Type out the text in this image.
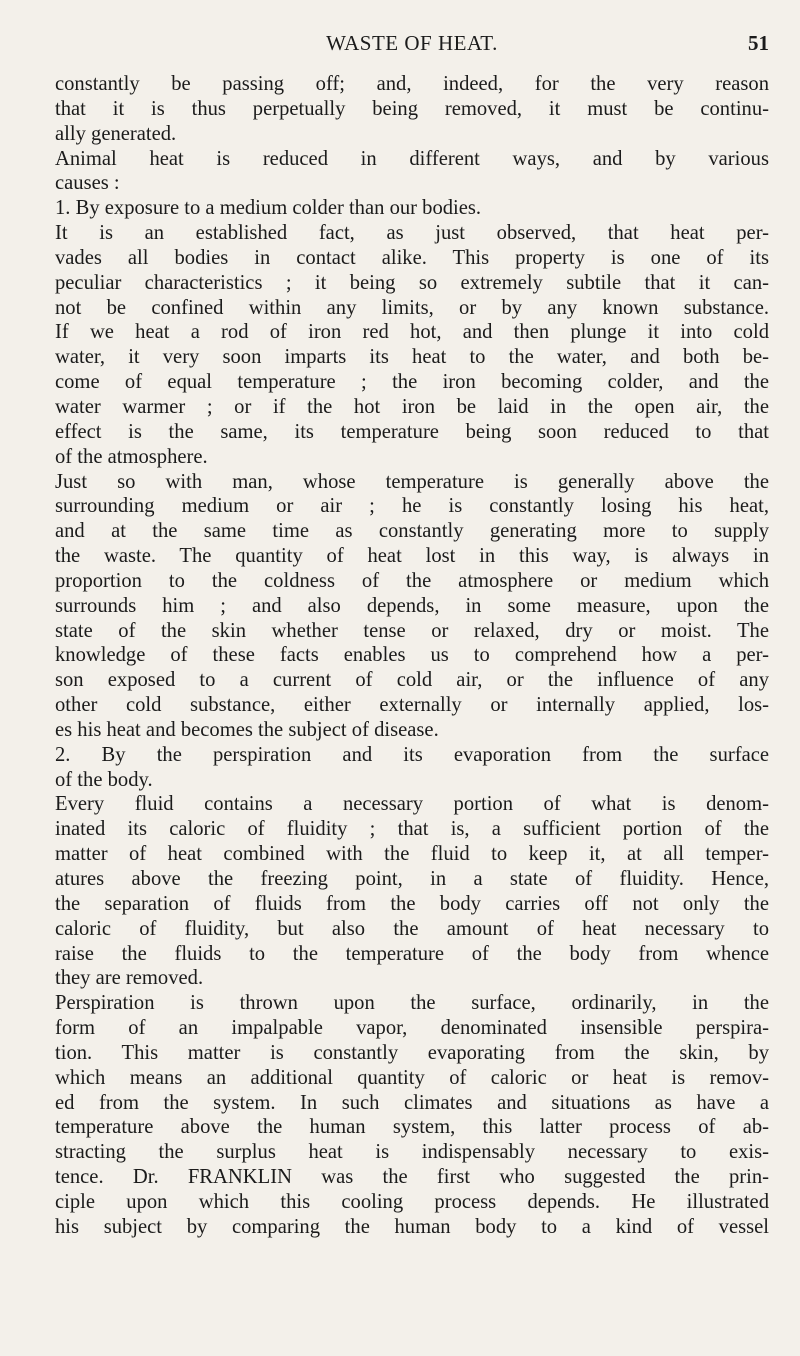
WASTE OF HEAT.	51
constantly be passing off; and, indeed, for the very reason
that it is thus perpetually being removed, it must be continu-
ally generated.
Animal heat is reduced in different ways, and by various
causes :
1. By exposure to a medium colder than our bodies.
It is an established fact, as just observed, that heat per-
vades all bodies in contact alike. This property is one of its
peculiar characteristics ; it being so extremely subtile that it can-
not be confined within any limits, or by any known substance.
If we heat a rod of iron red hot, and then plunge it into cold
water, it very soon imparts its heat to the water, and both be-
come of equal temperature ; the iron becoming colder, and the
water warmer ; or if the hot iron be laid in the open air, the
effect is the same, its temperature being soon reduced to that
of the atmosphere.
Just so with man, whose temperature is generally above the
surrounding medium or air ; he is constantly losing his heat,
and at the same time as constantly generating more to supply
the waste. The quantity of heat lost in this way, is always in
proportion to the coldness of the atmosphere or medium which
surrounds him ; and also depends, in some measure, upon the
state of the skin whether tense or relaxed, dry or moist. The
knowledge of these facts enables us to comprehend how a per-
son exposed to a current of cold air, or the influence of any
other cold substance, either externally or internally applied, los-
es his heat and becomes the subject of disease.
2. By the perspiration and its evaporation from the surface
of the body.
Every fluid contains a necessary portion of what is denom-
inated its caloric of fluidity ; that is, a sufficient portion of the
matter of heat combined with the fluid to keep it, at all temper-
atures above the freezing point, in a state of fluidity. Hence,
the separation of fluids from the body carries off not only the
caloric of fluidity, but also the amount of heat necessary to
raise the fluids to the temperature of the body from whence
they are removed.
Perspiration is thrown upon the surface, ordinarily, in the
form of an impalpable vapor, denominated insensible perspira-
tion. This matter is constantly evaporating from the skin, by
which means an additional quantity of caloric or heat is remov-
ed from the system. In such climates and situations as have a
temperature above the human system, this latter process of ab-
stracting the surplus heat is indispensably necessary to exis-
tence. Dr. FRANKLIN was the first who suggested the prin-
ciple upon which this cooling process depends. He illustrated
his subject by comparing the human body to a kind of vessel
